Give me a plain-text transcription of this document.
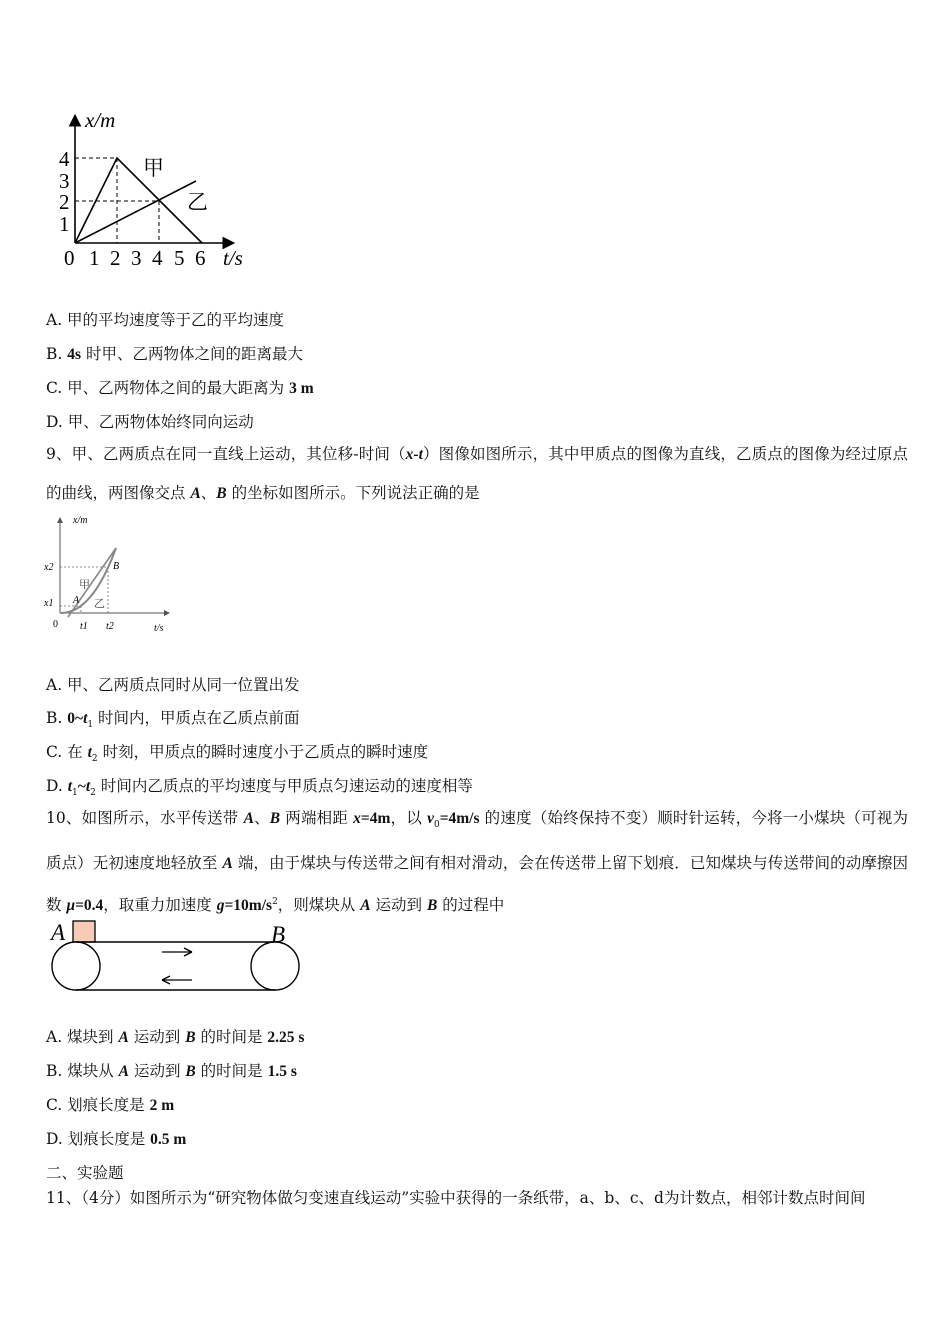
x/m
t/s
0
1
2
3
4
1 2 3 4 5 6
甲
乙
A. 甲的平均速度等于乙的平均速度
B. 4s 时甲、乙两物体之间的距离最大
C. 甲、乙两物体之间的最大距离为 3 m
D. 甲、乙两物体始终同向运动
9、甲、乙两质点在同一直线上运动，其位移-时间（x-t）图像如图所示，其中甲质点的图像为直线，乙质点的图像为经过原点的曲线，两图像交点 A、B 的坐标如图所示。下列说法正确的是
x/m
t/s
x2
x1
0 t1 t2
A
B
甲
乙
A. 甲、乙两质点同时从同一位置出发
B. $0\sim t_1$ 时间内，甲质点在乙质点前面
C. 在 $t_2$ 时刻，甲质点的瞬时速度小于乙质点的瞬时速度
D. $t_1\sim t_2$ 时间内乙质点的平均速度与甲质点匀速运动的速度相等
10、如图所示，水平传送带 A、B 两端相距 x=4m，以 $v_0=4m/s$ 的速度（始终保持不变）顺时针运转，今将一小煤块（可视为质点）无初速度地轻放至 A 端，由于煤块与传送带之间有相对滑动，会在传送带上留下划痕．已知煤块与传送带间的动摩擦因数 μ=0.4，取重力加速度 $g=10m/s^2$，则煤块从 A 运动到 B 的过程中
A	B
A. 煤块到 A 运动到 B 的时间是 2.25 s
B. 煤块从 A 运动到 B 的时间是 1.5 s
C. 划痕长度是 2 m
D. 划痕长度是 0.5 m
二、实验题
11、（4分）如图所示为“研究物体做匀变速直线运动”实验中获得的一条纸带，a、b、c、d为计数点，相邻计数点时间间
